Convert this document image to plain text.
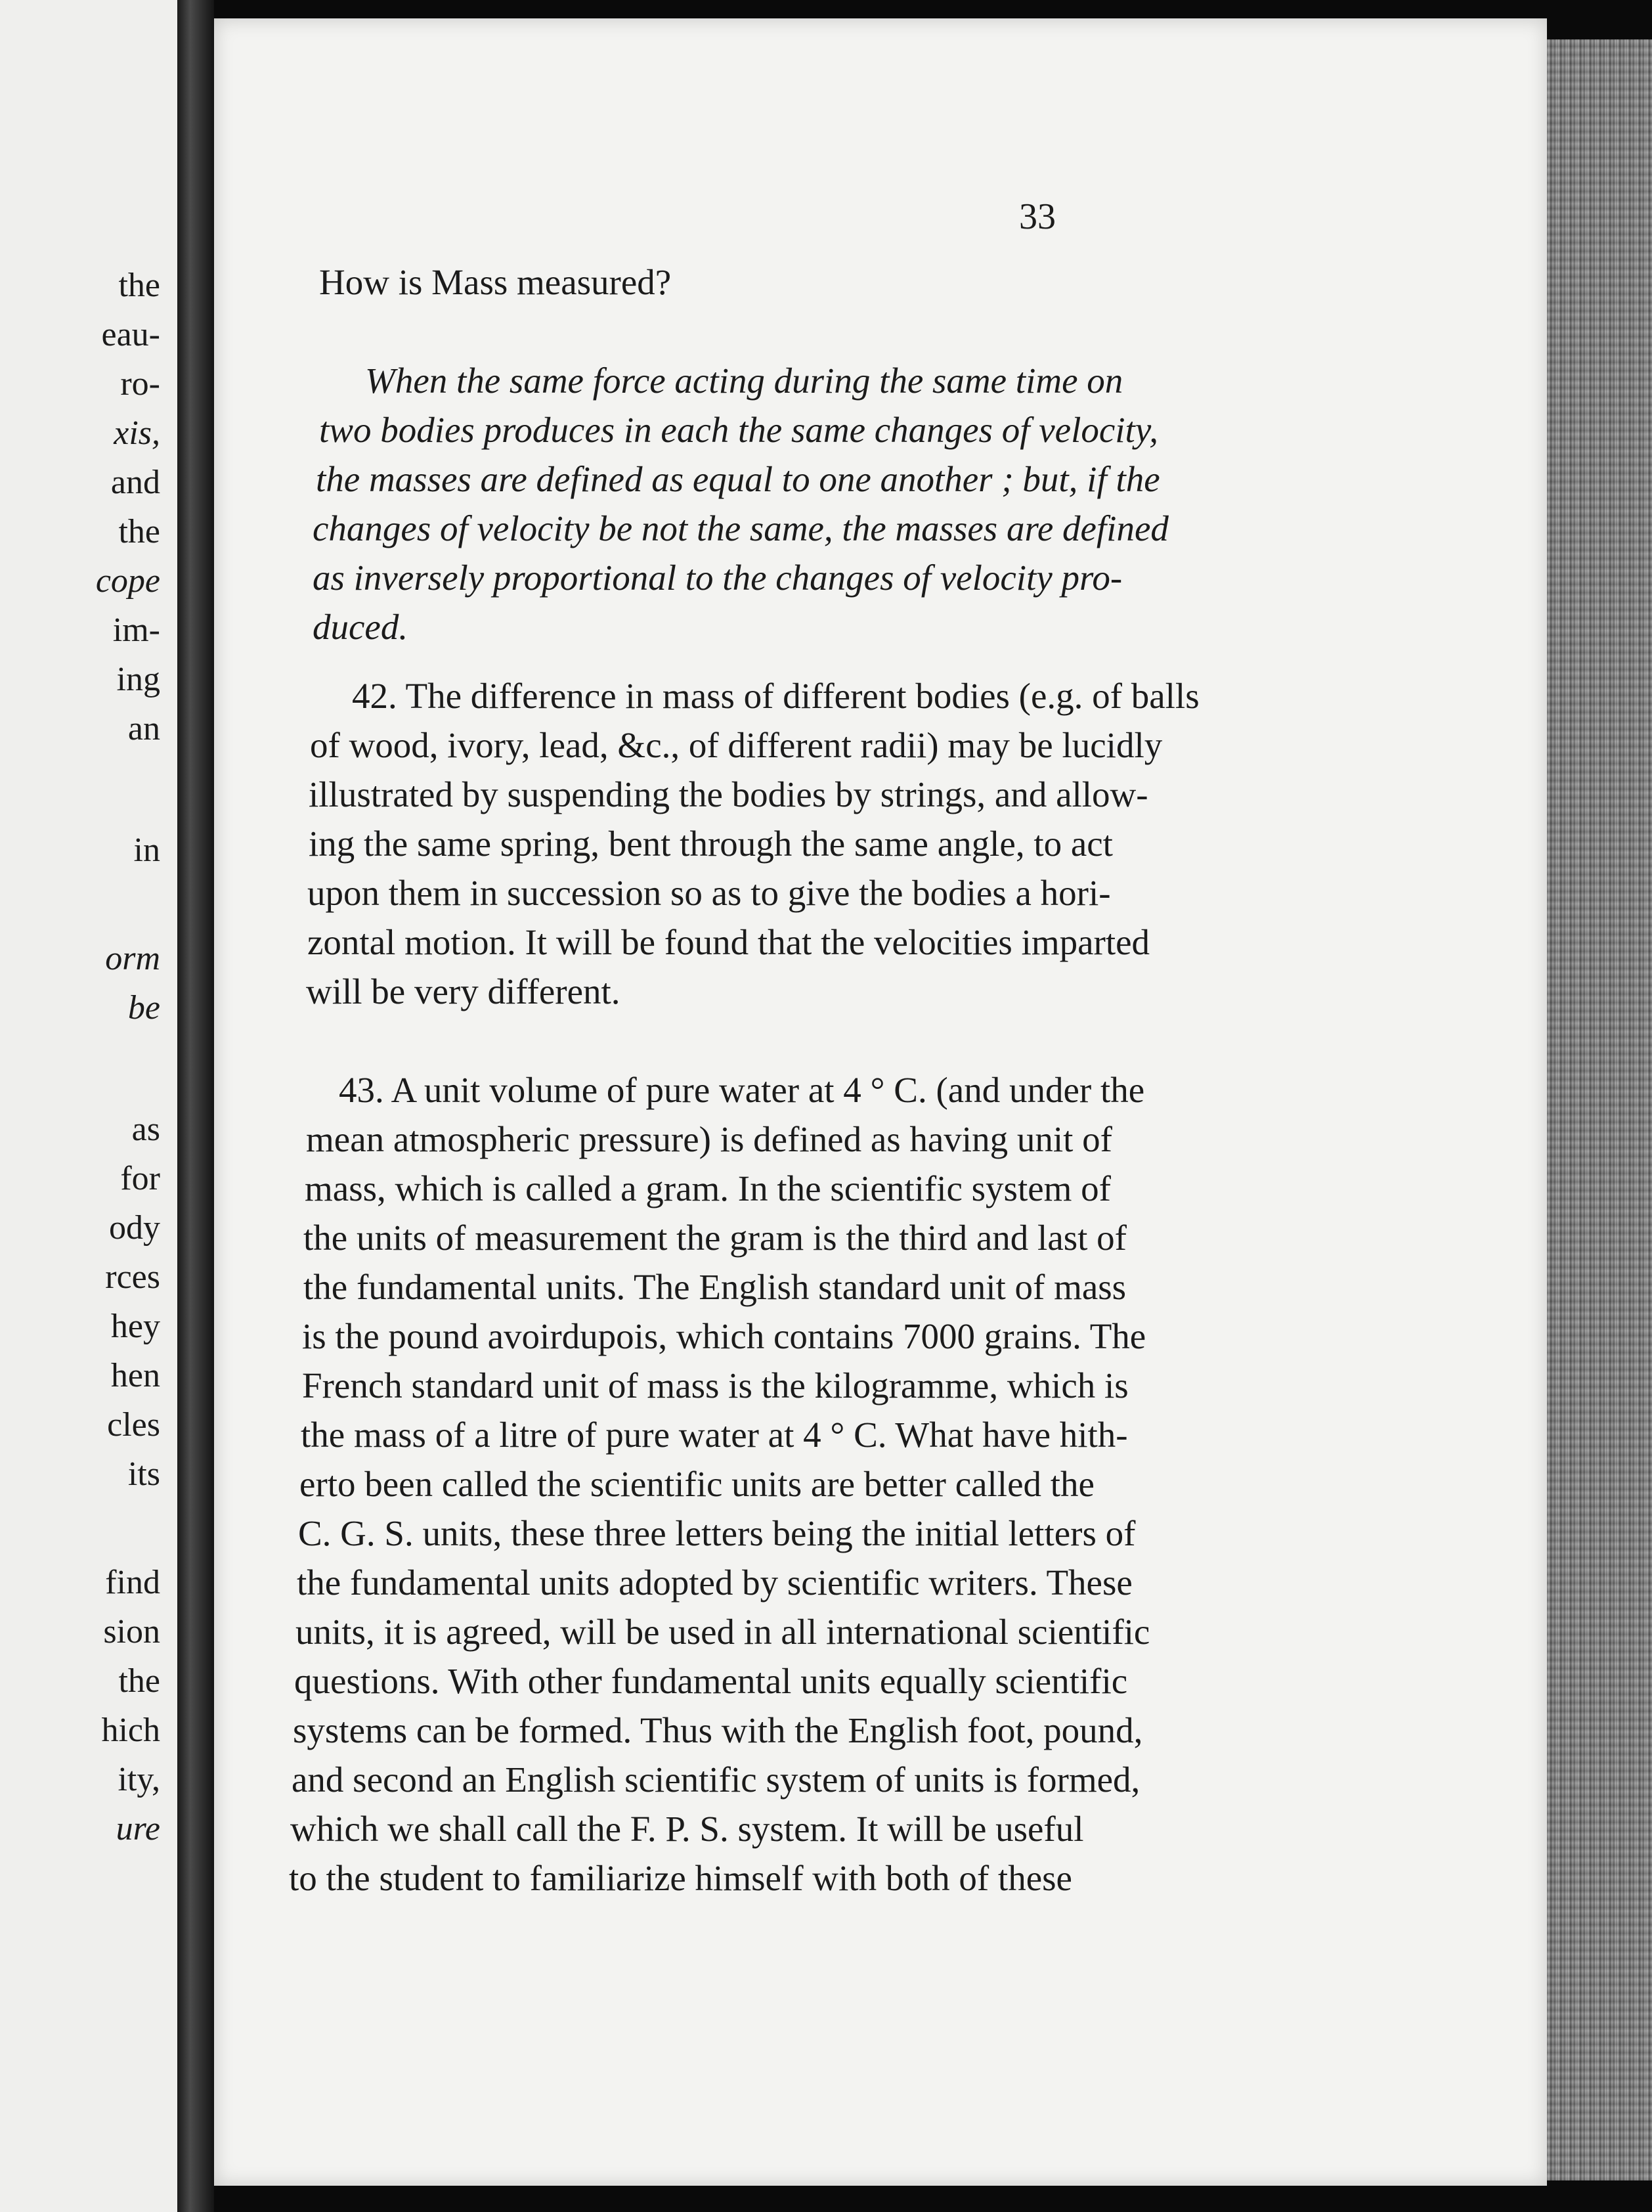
the
eau-
ro-
xis,
and
the
cope
im-
ing
an
in
orm
be
as
for
ody
rces
hey
hen
cles
its
find
sion
the
hich
ity,
ure
33
How is Mass measured?
When the same force acting during the same time on
two bodies produces in each the same changes of velocity,
the masses are defined as equal to one another ; but, if the
changes of velocity be not the same, the masses are defined
as inversely proportional to the changes of velocity pro-
duced.
42. The difference in mass of different bodies (e.g. of balls
of wood, ivory, lead, &c., of different radii) may be lucidly
illustrated by suspending the bodies by strings, and allow-
ing the same spring, bent through the same angle, to act
upon them in succession so as to give the bodies a hori-
zontal motion. It will be found that the velocities imparted
will be very different.
43. A unit volume of pure water at 4 ° C. (and under the
mean atmospheric pressure) is defined as having unit of
mass, which is called a gram. In the scientific system of
the units of measurement the gram is the third and last of
the fundamental units. The English standard unit of mass
is the pound avoirdupois, which contains 7000 grains. The
French standard unit of mass is the kilogramme, which is
the mass of a litre of pure water at 4 ° C. What have hith-
erto been called the scientific units are better called the
C. G. S. units, these three letters being the initial letters of
the fundamental units adopted by scientific writers. These
units, it is agreed, will be used in all international scientific
questions. With other fundamental units equally scientific
systems can be formed. Thus with the English foot, pound,
and second an English scientific system of units is formed,
which we shall call the F. P. S. system. It will be useful
to the student to familiarize himself with both of these
